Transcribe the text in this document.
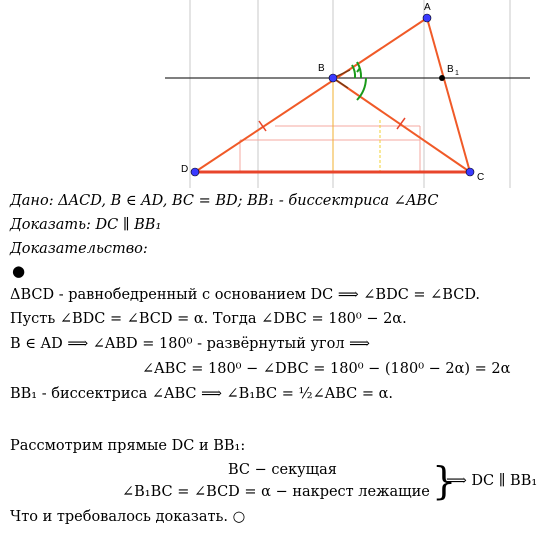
A
B	B 1
C
D
Дано: ΔACD, B ∈ AD, BC = BD; BB₁ - биссектриса ∠ABC
Доказать: DC ∥ BB₁
Доказательство:
●
ΔBCD - равнобедренный с основанием DC ⟹ ∠BDC = ∠BCD.
Пусть ∠BDC = ∠BCD = α. Тогда ∠DBC = 180⁰ − 2α.
B ∈ AD ⟹ ∠ABD = 180⁰ - развёрнутый угол ⟹
∠ABC = 180⁰ − ∠DBC = 180⁰ − (180⁰ − 2α) = 2α
BB₁ - биссектриса ∠ABC ⟹ ∠B₁BC = ½∠ABC = α.
Рассмотрим прямые DC и BB₁:
BC − секущая
∠B₁BC = ∠BCD = α − накрест лежащие }
⟹ DC ∥ BB₁
Что и требовалось доказать. ○
